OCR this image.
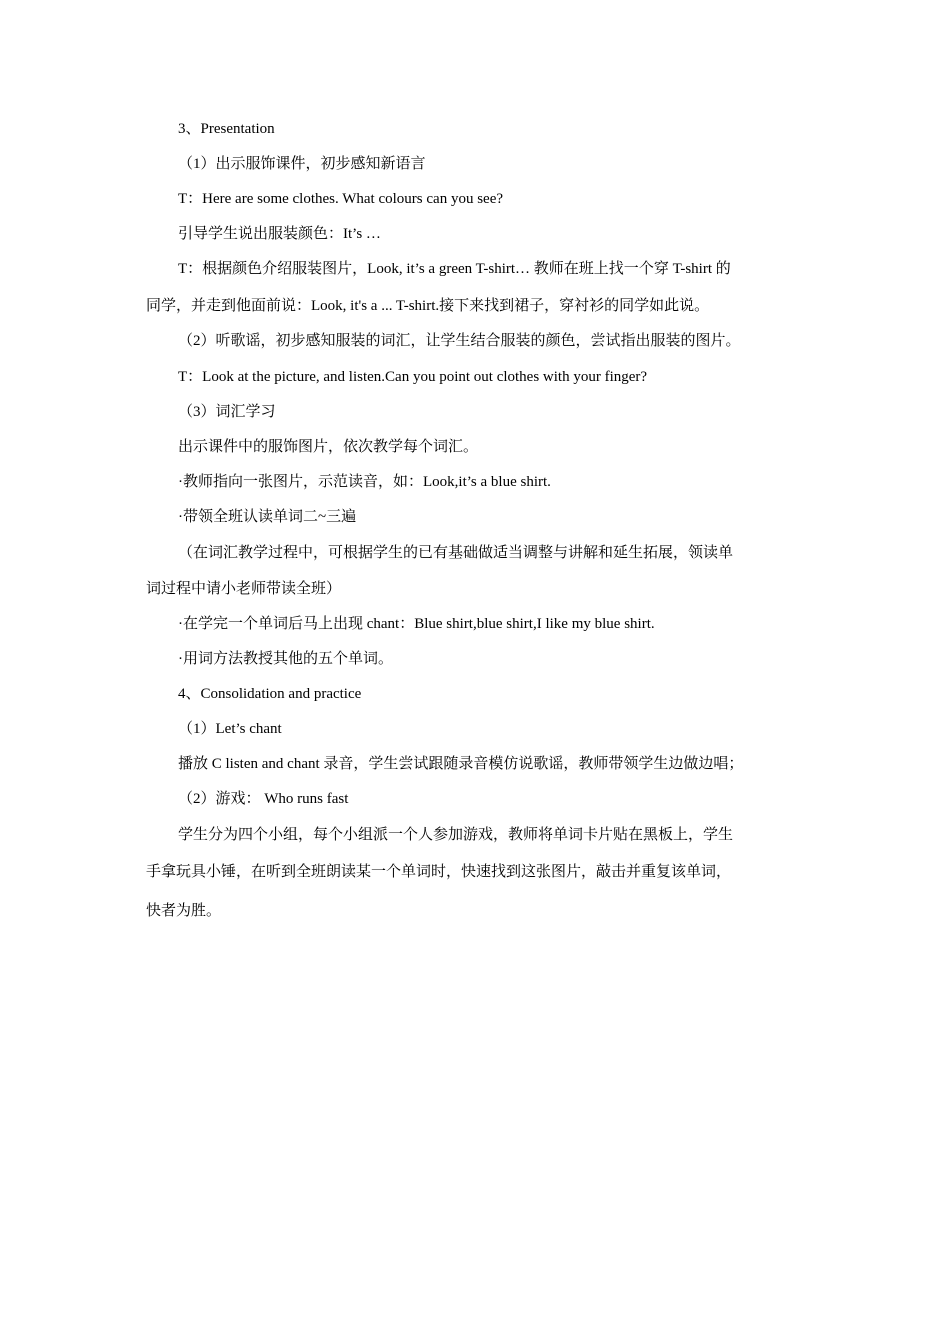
3、Presentation
（1）出示服饰课件，初步感知新语言
T：Here are some clothes. What colours can you see?
引导学生说出服装颜色：It’s …
T：根据颜色介绍服装图片，Look, it’s a green T-shirt… 教师在班上找一个穿 T-shirt 的
同学，并走到他面前说：Look, it's a ... T-shirt.接下来找到裙子，穿衬衫的同学如此说。
（2）听歌谣，初步感知服装的词汇，让学生结合服装的颜色，尝试指出服装的图片。
T：Look at the picture, and listen.Can you point out clothes with your finger?
（3）词汇学习
出示课件中的服饰图片，依次教学每个词汇。
·教师指向一张图片，示范读音，如：Look,it’s a blue shirt.
·带领全班认读单词二~三遍
（在词汇教学过程中，可根据学生的已有基础做适当调整与讲解和延生拓展，领读单
词过程中请小老师带读全班）
·在学完一个单词后马上出现 chant：Blue shirt,blue shirt,I like my blue shirt.
·用词方法教授其他的五个单词。
4、Consolidation and practice
（1）Let’s chant
播放 C listen and chant 录音，学生尝试跟随录音模仿说歌谣，教师带领学生边做边唱；
（2）游戏： Who runs fast
学生分为四个小组，每个小组派一个人参加游戏，教师将单词卡片贴在黑板上，学生
手拿玩具小锤，在听到全班朗读某一个单词时，快速找到这张图片，敲击并重复该单词，
快者为胜。
